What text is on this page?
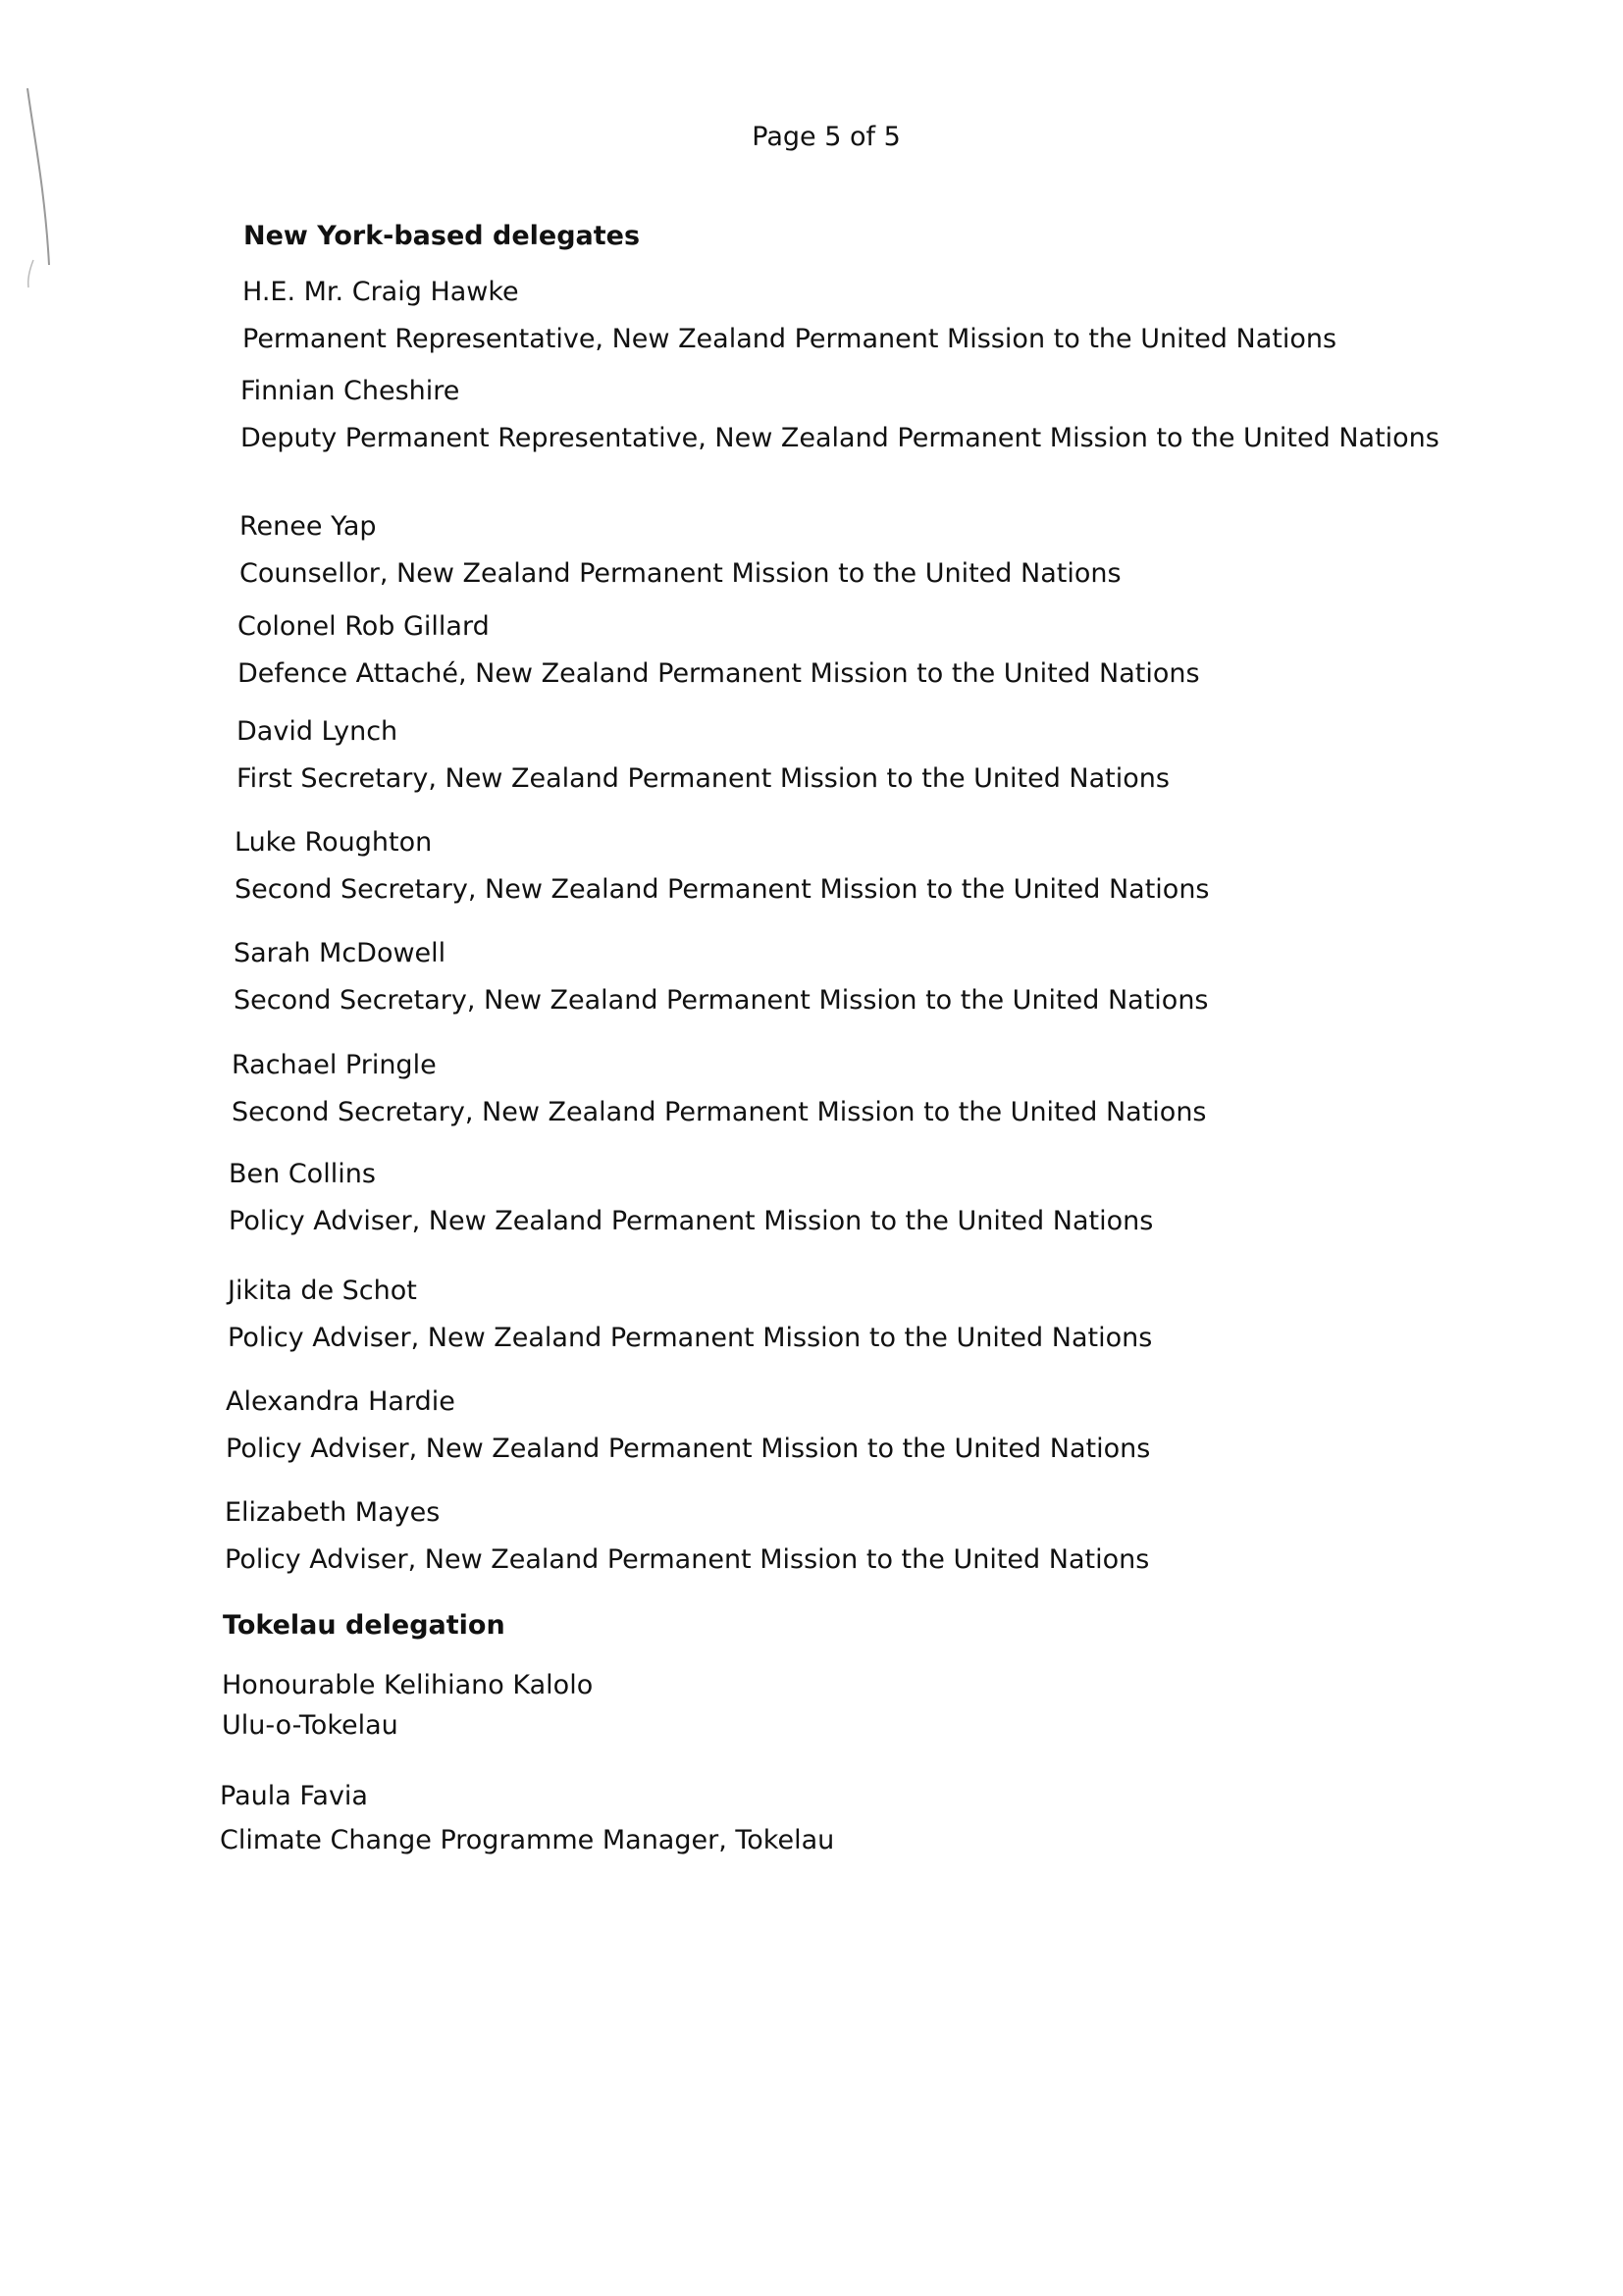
Page 5 of 5
New York-based delegates
H.E. Mr. Craig Hawke
Permanent Representative, New Zealand Permanent Mission to the United Nations
Finnian Cheshire
Deputy Permanent Representative, New Zealand Permanent Mission to the United Nations
Renee Yap
Counsellor, New Zealand Permanent Mission to the United Nations
Colonel Rob Gillard
Defence Attaché, New Zealand Permanent Mission to the United Nations
David Lynch
First Secretary, New Zealand Permanent Mission to the United Nations
Luke Roughton
Second Secretary, New Zealand Permanent Mission to the United Nations
Sarah McDowell
Second Secretary, New Zealand Permanent Mission to the United Nations
Rachael Pringle
Second Secretary, New Zealand Permanent Mission to the United Nations
Ben Collins
Policy Adviser, New Zealand Permanent Mission to the United Nations
Jikita de Schot
Policy Adviser, New Zealand Permanent Mission to the United Nations
Alexandra Hardie
Policy Adviser, New Zealand Permanent Mission to the United Nations
Elizabeth Mayes
Policy Adviser, New Zealand Permanent Mission to the United Nations
Tokelau delegation
Honourable Kelihiano Kalolo
Ulu-o-Tokelau
Paula Favia
Climate Change Programme Manager, Tokelau
